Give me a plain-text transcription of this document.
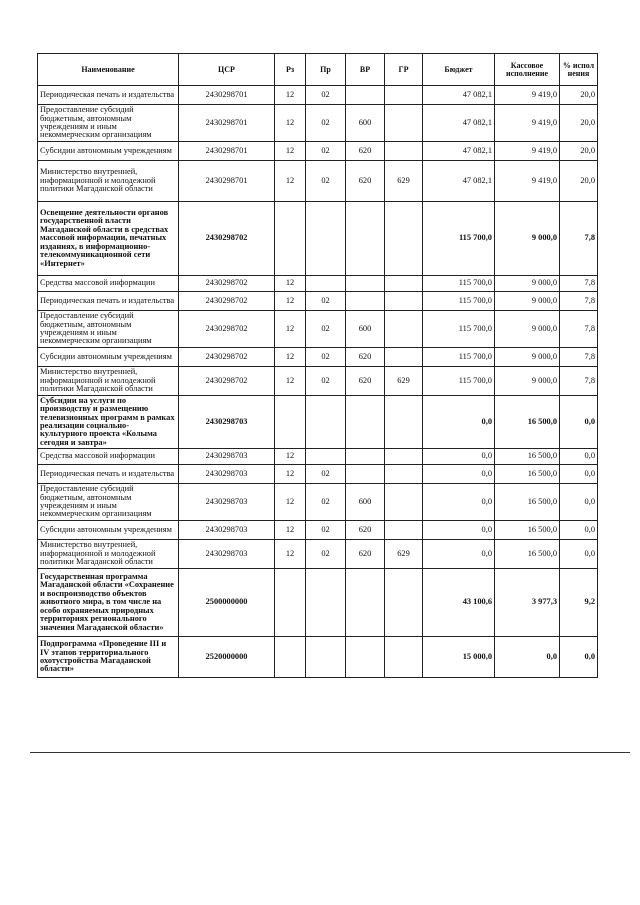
Наименование	ЦСР	Рз	Пр	ВР	ГР	Бюджет	Кассовое исполнение	% испол нения
Периодическая печать и издательства	2430298701	12	02			47 082,1	9 419,0	20,0
Предоставление субсидий бюджетным, автономным учреждениям и иным некоммерческим организациям	2430298701	12	02	600		47 082,1	9 419,0	20,0
Субсидии автономным учреждениям	2430298701	12	02	620		47 082,1	9 419,0	20,0
Министерство внутренней, информационной и молодежной политики Магаданской области	2430298701	12	02	620	629	47 082,1	9 419,0	20,0
Освещение деятельности органов государственной власти Магаданской области в средствах массовой информации, печатных изданиях, в информационно-телекоммуникационной сети «Интернет»	2430298702					115 700,0	9 000,0	7,8
Средства массовой информации	2430298702	12				115 700,0	9 000,0	7,8
Периодическая печать и издательства	2430298702	12	02			115 700,0	9 000,0	7,8
Предоставление субсидий бюджетным, автономным учреждениям и иным некоммерческим организациям	2430298702	12	02	600		115 700,0	9 000,0	7,8
Субсидии автономным учреждениям	2430298702	12	02	620		115 700,0	9 000,0	7,8
Министерство внутренней, информационной и молодежной политики Магаданской области	2430298702	12	02	620	629	115 700,0	9 000,0	7,8
Субсидии на услуги по производству и размещению телевизионных программ в рамках реализации социально-культурного проекта «Колыма сегодня и завтра»	2430298703					0,0	16 500,0	0,0
Средства массовой информации	2430298703	12				0,0	16 500,0	0,0
Периодическая печать и издательства	2430298703	12	02			0,0	16 500,0	0,0
Предоставление субсидий бюджетным, автономным учреждениям и иным некоммерческим организациям	2430298703	12	02	600		0,0	16 500,0	0,0
Субсидии автономным учреждениям	2430298703	12	02	620		0,0	16 500,0	0,0
Министерство внутренней, информационной и молодежной политики Магаданской области	2430298703	12	02	620	629	0,0	16 500,0	0,0
Государственная программа Магаданской области «Сохранение и воспроизводство объектов животного мира, в том числе на особо охраняемых природных территориях регионального значения Магаданской области»	2500000000					43 100,6	3 977,3	9,2
Подпрограмма «Проведение III и IV этапов территориального охотустройства Магаданской области»	2520000000					15 000,0	0,0	0,0
